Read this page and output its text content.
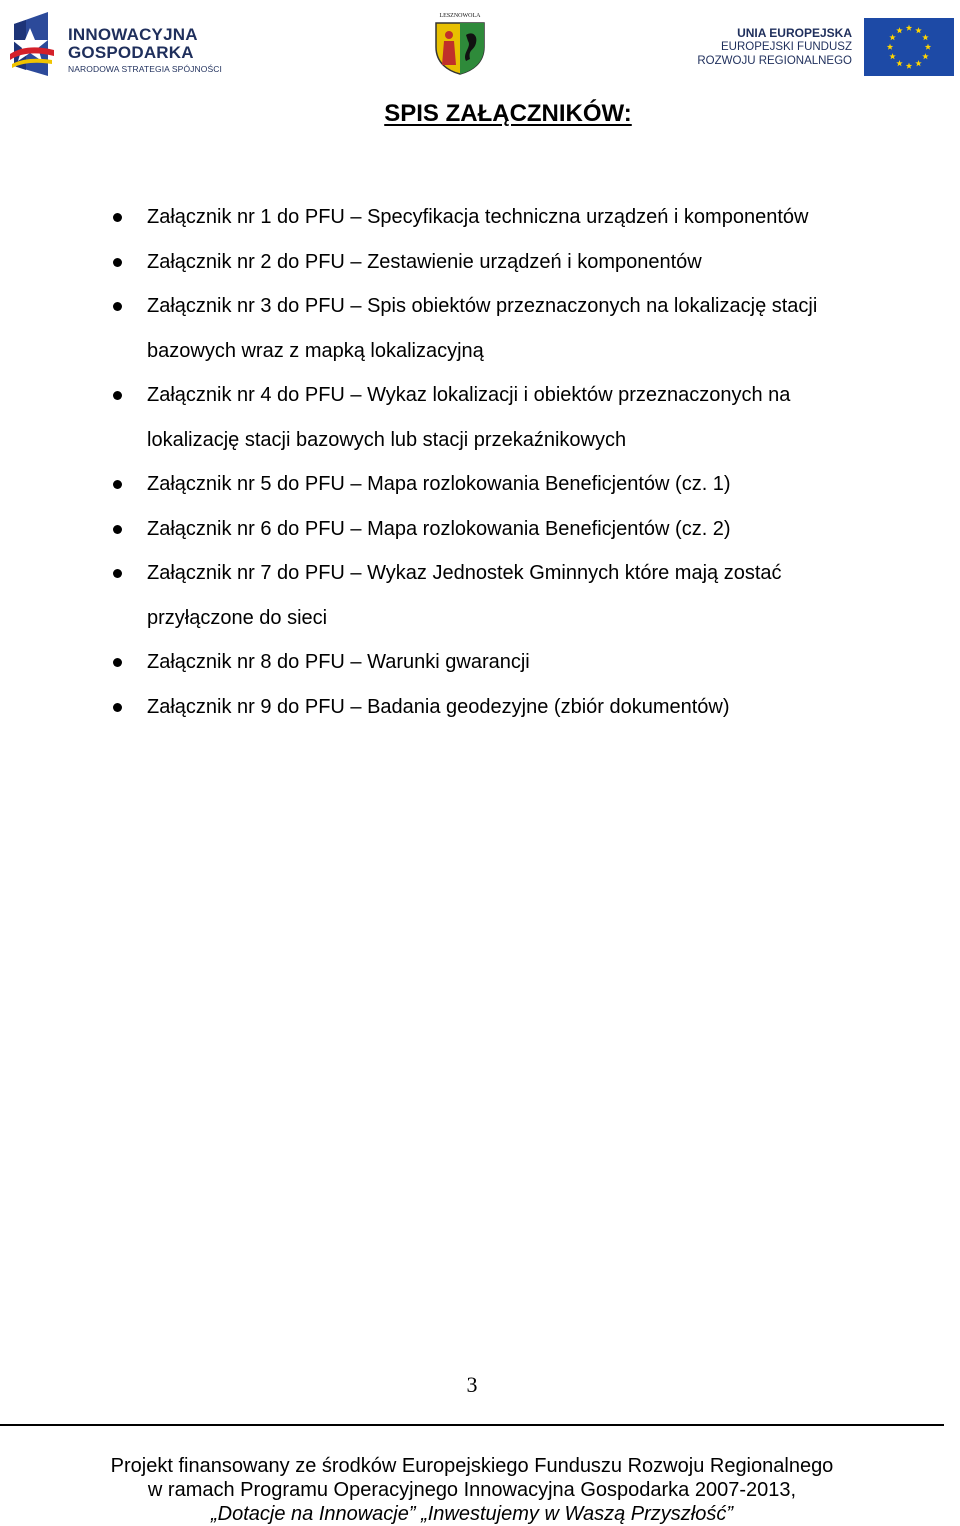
INNOWACYJNA
GOSPODARKA
NARODOWA STRATEGIA SPÓJNOŚCI
LESZNOWOLA
UNIA EUROPEJSKA
EUROPEJSKI FUNDUSZ
ROZWOJU REGIONALNEGO
SPIS ZAŁĄCZNIKÓW:
Załącznik nr 1 do PFU – Specyfikacja techniczna urządzeń i komponentów
Załącznik nr 2 do PFU – Zestawienie urządzeń i komponentów
Załącznik nr 3 do PFU – Spis obiektów przeznaczonych na lokalizację stacji
bazowych wraz z mapką lokalizacyjną
Załącznik nr 4 do PFU – Wykaz lokalizacji i obiektów przeznaczonych na
lokalizację stacji bazowych lub stacji przekaźnikowych
Załącznik nr 5 do PFU – Mapa rozlokowania Beneficjentów (cz. 1)
Załącznik nr 6 do PFU – Mapa rozlokowania Beneficjentów (cz. 2)
Załącznik nr 7 do PFU – Wykaz Jednostek Gminnych które mają zostać
przyłączone do sieci
Załącznik nr 8 do PFU – Warunki gwarancji
Załącznik nr 9 do PFU – Badania geodezyjne (zbiór dokumentów)
3
Projekt finansowany ze środków Europejskiego Funduszu Rozwoju Regionalnego
w ramach Programu Operacyjnego Innowacyjna Gospodarka 2007-2013,
„Dotacje na Innowacje” „Inwestujemy w Waszą Przyszłość”
